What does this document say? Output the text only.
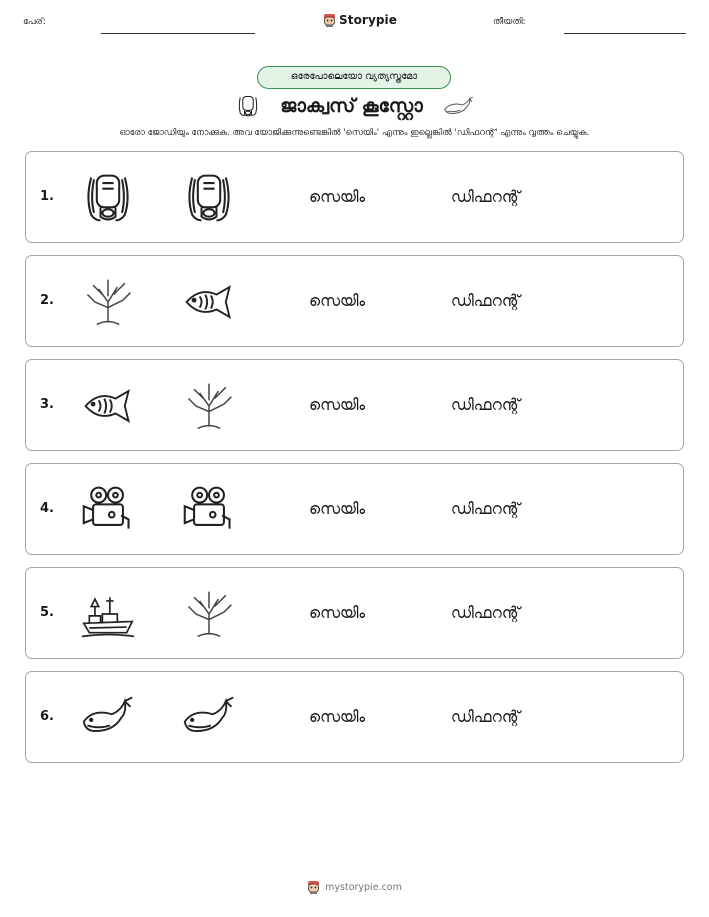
പേര്:	Storypie	തീയതി:
ഒരേപോലെയോ വ്യത്യസ്തമോ
ജാക്വസ് കൂസ്റ്റോ
ഓരോ ജോഡിയും നോക്കുക. അവ യോജിക്കുന്നുണ്ടെങ്കിൽ 'സെയിം' എന്നും ഇല്ലെങ്കിൽ 'ഡിഫറന്റ്' എന്നും വൃത്തം ചെയ്യുക.
1.	സെയിം	ഡിഫറന്റ്
2.	സെയിം	ഡിഫറന്റ്
3.	സെയിം	ഡിഫറന്റ്
4.	സെയിം	ഡിഫറന്റ്
5.	സെയിം	ഡിഫറന്റ്
6.	സെയിം	ഡിഫറന്റ്
mystorypie.com
